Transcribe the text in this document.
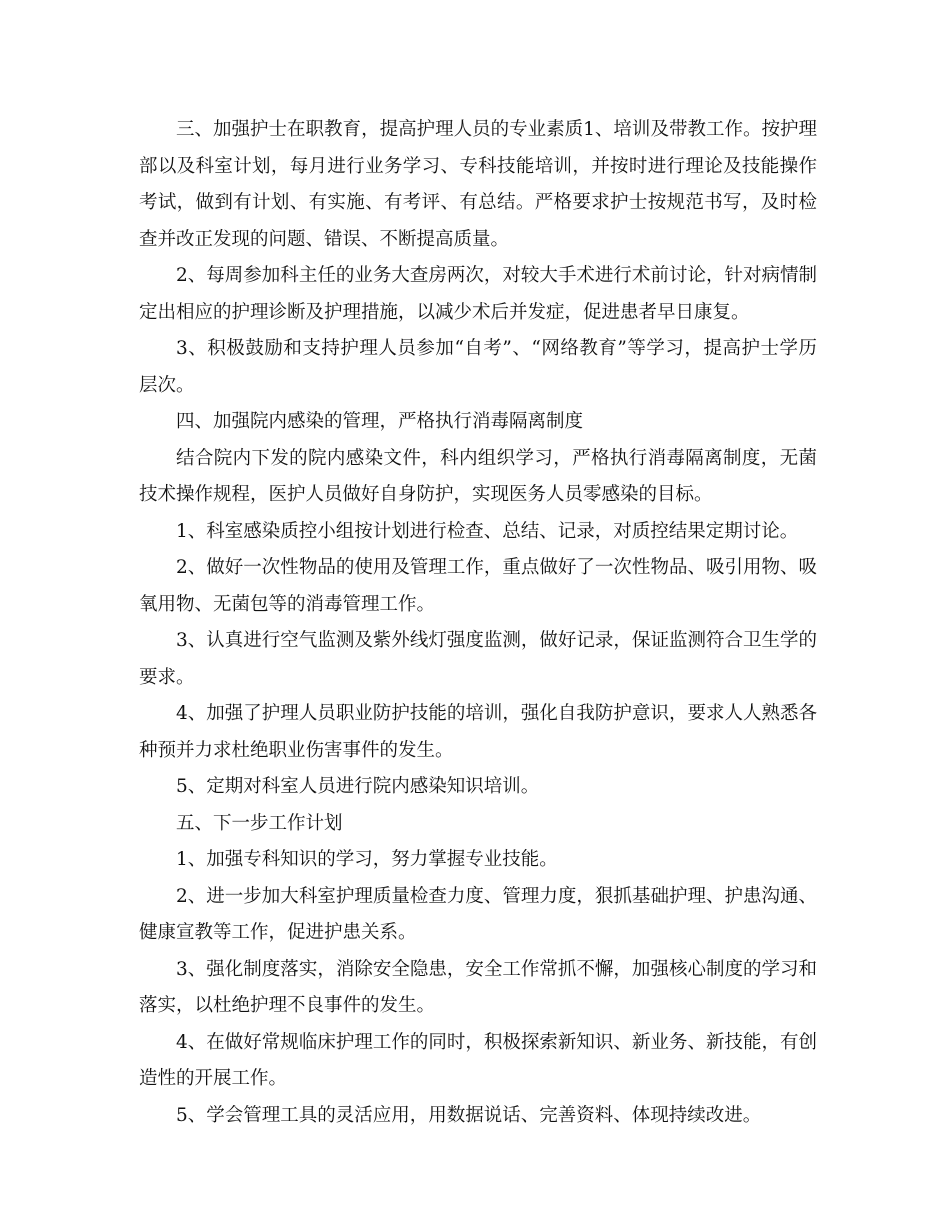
三、加强护士在职教育，提高护理人员的专业素质1、培训及带教工作。按护理部以及科室计划，每月进行业务学习、专科技能培训，并按时进行理论及技能操作考试，做到有计划、有实施、有考评、有总结。严格要求护士按规范书写，及时检查并改正发现的问题、错误、不断提高质量。

2、每周参加科主任的业务大查房两次，对较大手术进行术前讨论，针对病情制定出相应的护理诊断及护理措施，以减少术后并发症，促进患者早日康复。

3、积极鼓励和支持护理人员参加“自考”、“网络教育”等学习，提高护士学历层次。

四、加强院内感染的管理，严格执行消毒隔离制度

结合院内下发的院内感染文件，科内组织学习，严格执行消毒隔离制度，无菌技术操作规程，医护人员做好自身防护，实现医务人员零感染的目标。

1、科室感染质控小组按计划进行检查、总结、记录，对质控结果定期讨论。

2、做好一次性物品的使用及管理工作，重点做好了一次性物品、吸引用物、吸氧用物、无菌包等的消毒管理工作。

3、认真进行空气监测及紫外线灯强度监测，做好记录，保证监测符合卫生学的要求。

4、加强了护理人员职业防护技能的培训，强化自我防护意识，要求人人熟悉各种预并力求杜绝职业伤害事件的发生。

5、定期对科室人员进行院内感染知识培训。

五、下一步工作计划

1、加强专科知识的学习，努力掌握专业技能。

2、进一步加大科室护理质量检查力度、管理力度，狠抓基础护理、护患沟通、健康宣教等工作，促进护患关系。

3、强化制度落实，消除安全隐患，安全工作常抓不懈，加强核心制度的学习和落实，以杜绝护理不良事件的发生。

4、在做好常规临床护理工作的同时，积极探索新知识、新业务、新技能，有创造性的开展工作。

5、学会管理工具的灵活应用，用数据说话、完善资料、体现持续改进。
